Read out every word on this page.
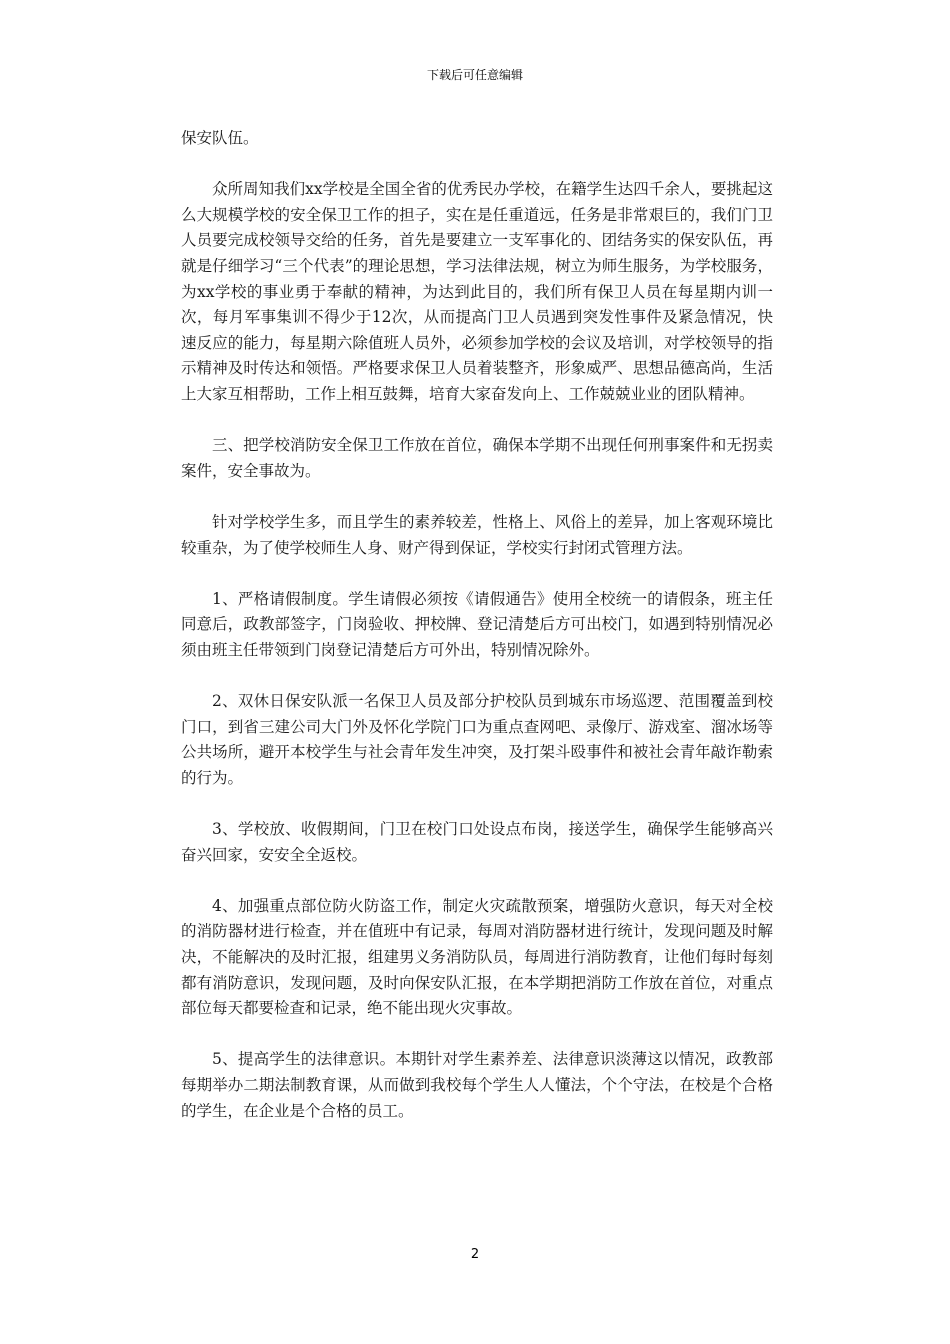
下载后可任意编辑

保安队伍。

众所周知我们xx学校是全国全省的优秀民办学校，在籍学生达四千余人，要挑起这么大规模学校的安全保卫工作的担子，实在是任重道远，任务是非常艰巨的，我们门卫人员要完成校领导交给的任务，首先是要建立一支军事化的、团结务实的保安队伍，再就是仔细学习“三个代表”的理论思想，学习法律法规，树立为师生服务，为学校服务，为xx学校的事业勇于奉献的精神，为达到此目的，我们所有保卫人员在每星期内训一次，每月军事集训不得少于12次，从而提高门卫人员遇到突发性事件及紧急情况，快速反应的能力，每星期六除值班人员外，必须参加学校的会议及培训，对学校领导的指示精神及时传达和领悟。严格要求保卫人员着装整齐，形象威严、思想品德高尚，生活上大家互相帮助，工作上相互鼓舞，培育大家奋发向上、工作兢兢业业的团队精神。

三、把学校消防安全保卫工作放在首位，确保本学期不出现任何刑事案件和无拐卖案件，安全事故为。

针对学校学生多，而且学生的素养较差，性格上、风俗上的差异，加上客观环境比较重杂，为了使学校师生人身、财产得到保证，学校实行封闭式管理方法。

1、严格请假制度。学生请假必须按《请假通告》使用全校统一的请假条，班主任同意后，政教部签字，门岗验收、押校牌、登记清楚后方可出校门，如遇到特别情况必须由班主任带领到门岗登记清楚后方可外出，特别情况除外。

2、双休日保安队派一名保卫人员及部分护校队员到城东市场巡逻、范围覆盖到校门口，到省三建公司大门外及怀化学院门口为重点查网吧、录像厅、游戏室、溜冰场等公共场所，避开本校学生与社会青年发生冲突，及打架斗殴事件和被社会青年敲诈勒索的行为。

3、学校放、收假期间，门卫在校门口处设点布岗，接送学生，确保学生能够高兴奋兴回家，安安全全返校。

4、加强重点部位防火防盗工作，制定火灾疏散预案，增强防火意识，每天对全校的消防器材进行检查，并在值班中有记录，每周对消防器材进行统计，发现问题及时解决，不能解决的及时汇报，组建男义务消防队员，每周进行消防教育，让他们每时每刻都有消防意识，发现问题，及时向保安队汇报，在本学期把消防工作放在首位，对重点部位每天都要检查和记录，绝不能出现火灾事故。

5、提高学生的法律意识。本期针对学生素养差、法律意识淡薄这以情况，政教部每期举办二期法制教育课，从而做到我校每个学生人人懂法，个个守法，在校是个合格的学生，在企业是个合格的员工。

2
